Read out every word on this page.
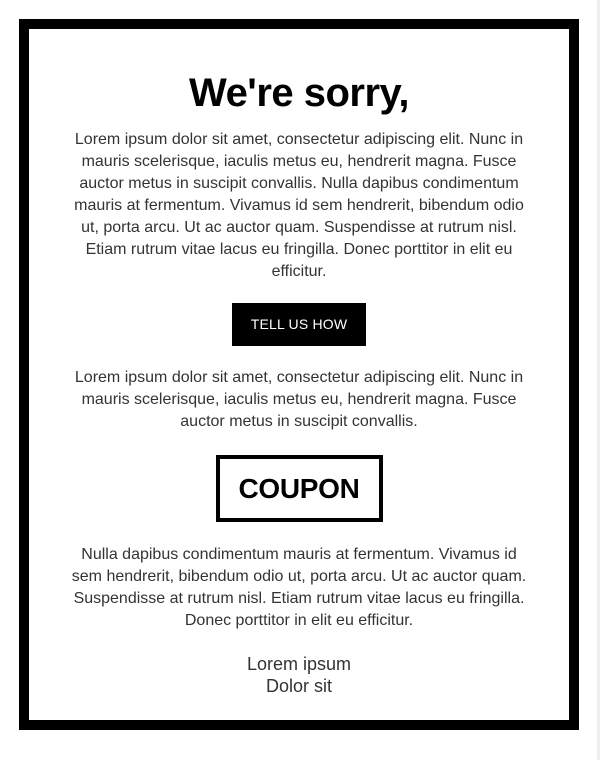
We're sorry,

Lorem ipsum dolor sit amet, consectetur adipiscing elit. Nunc in mauris scelerisque, iaculis metus eu, hendrerit magna. Fusce auctor metus in suscipit convallis. Nulla dapibus condimentum mauris at fermentum. Vivamus id sem hendrerit, bibendum odio ut, porta arcu. Ut ac auctor quam. Suspendisse at rutrum nisl. Etiam rutrum vitae lacus eu fringilla. Donec porttitor in elit eu efficitur.

TELL US HOW

Lorem ipsum dolor sit amet, consectetur adipiscing elit. Nunc in mauris scelerisque, iaculis metus eu, hendrerit magna. Fusce auctor metus in suscipit convallis.

COUPON

Nulla dapibus condimentum mauris at fermentum. Vivamus id sem hendrerit, bibendum odio ut, porta arcu. Ut ac auctor quam. Suspendisse at rutrum nisl. Etiam rutrum vitae lacus eu fringilla. Donec porttitor in elit eu efficitur.

Lorem ipsum
Dolor sit
